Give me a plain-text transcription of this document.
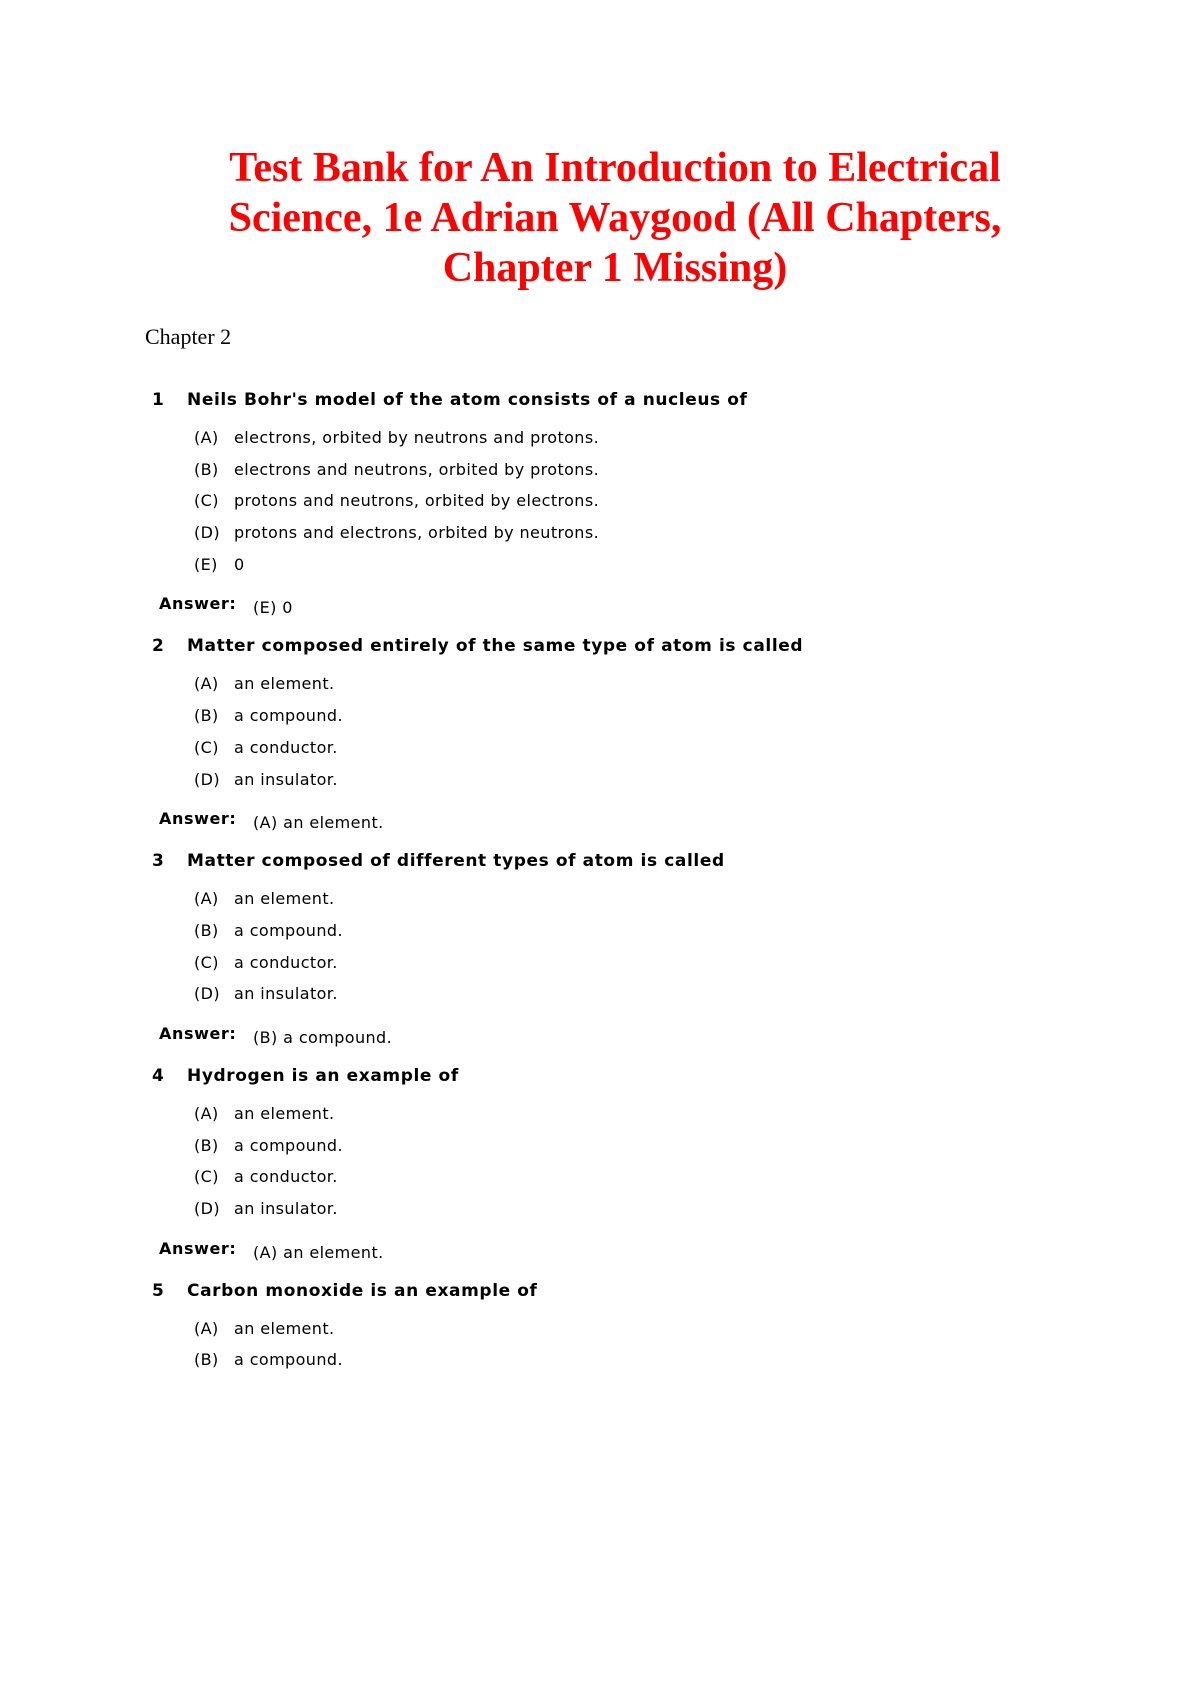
Test Bank for An Introduction to Electrical Science, 1e Adrian Waygood (All Chapters, Chapter 1 Missing)
Chapter 2
1 Neils Bohr's model of the atom consists of a nucleus of
(A) electrons, orbited by neutrons and protons.
(B) electrons and neutrons, orbited by protons.
(C) protons and neutrons, orbited by electrons.
(D) protons and electrons, orbited by neutrons.
(E) 0
Answer: (E) 0
2 Matter composed entirely of the same type of atom is called
(A) an element.
(B) a compound.
(C) a conductor.
(D) an insulator.
Answer: (A) an element.
3 Matter composed of different types of atom is called
(A) an element.
(B) a compound.
(C) a conductor.
(D) an insulator.
Answer: (B) a compound.
4 Hydrogen is an example of
(A) an element.
(B) a compound.
(C) a conductor.
(D) an insulator.
Answer: (A) an element.
5 Carbon monoxide is an example of
(A) an element.
(B) a compound.
